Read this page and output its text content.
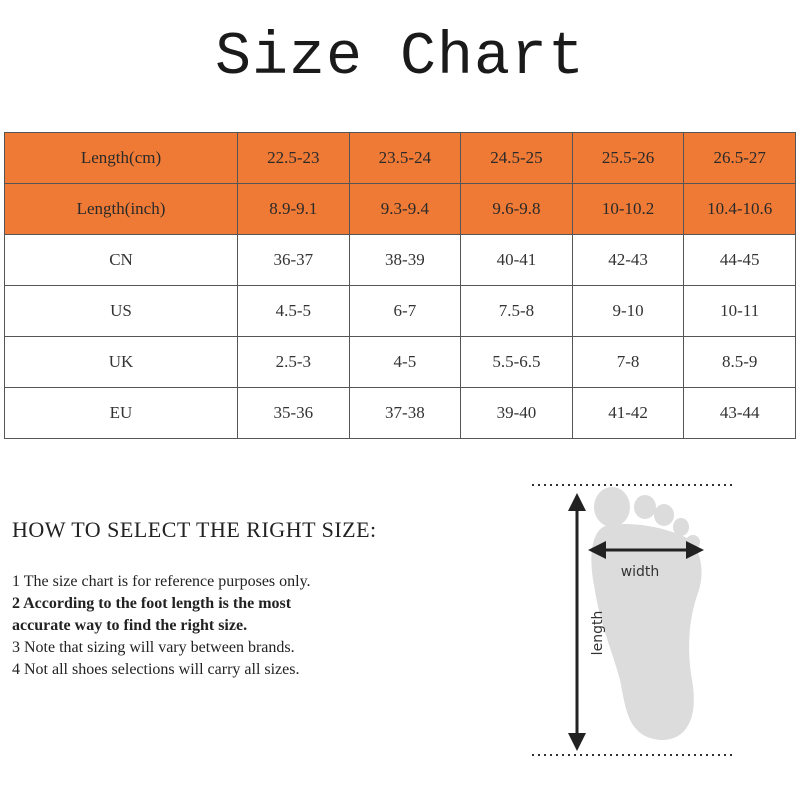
Size Chart
Length(cm)	22.5-23	23.5-24	24.5-25	25.5-26	26.5-27
Length(inch)	8.9-9.1	9.3-9.4	9.6-9.8	10-10.2	10.4-10.6
CN	36-37	38-39	40-41	42-43	44-45
US	4.5-5	6-7	7.5-8	9-10	10-11
UK	2.5-3	4-5	5.5-6.5	7-8	8.5-9
EU	35-36	37-38	39-40	41-42	43-44
HOW TO SELECT THE RIGHT SIZE:
1 The size chart is for reference purposes only.
2 According to the foot length is the most
accurate way to find the right size.
3 Note that sizing will vary between brands.
4 Not all shoes selections will carry all sizes.
width
length
